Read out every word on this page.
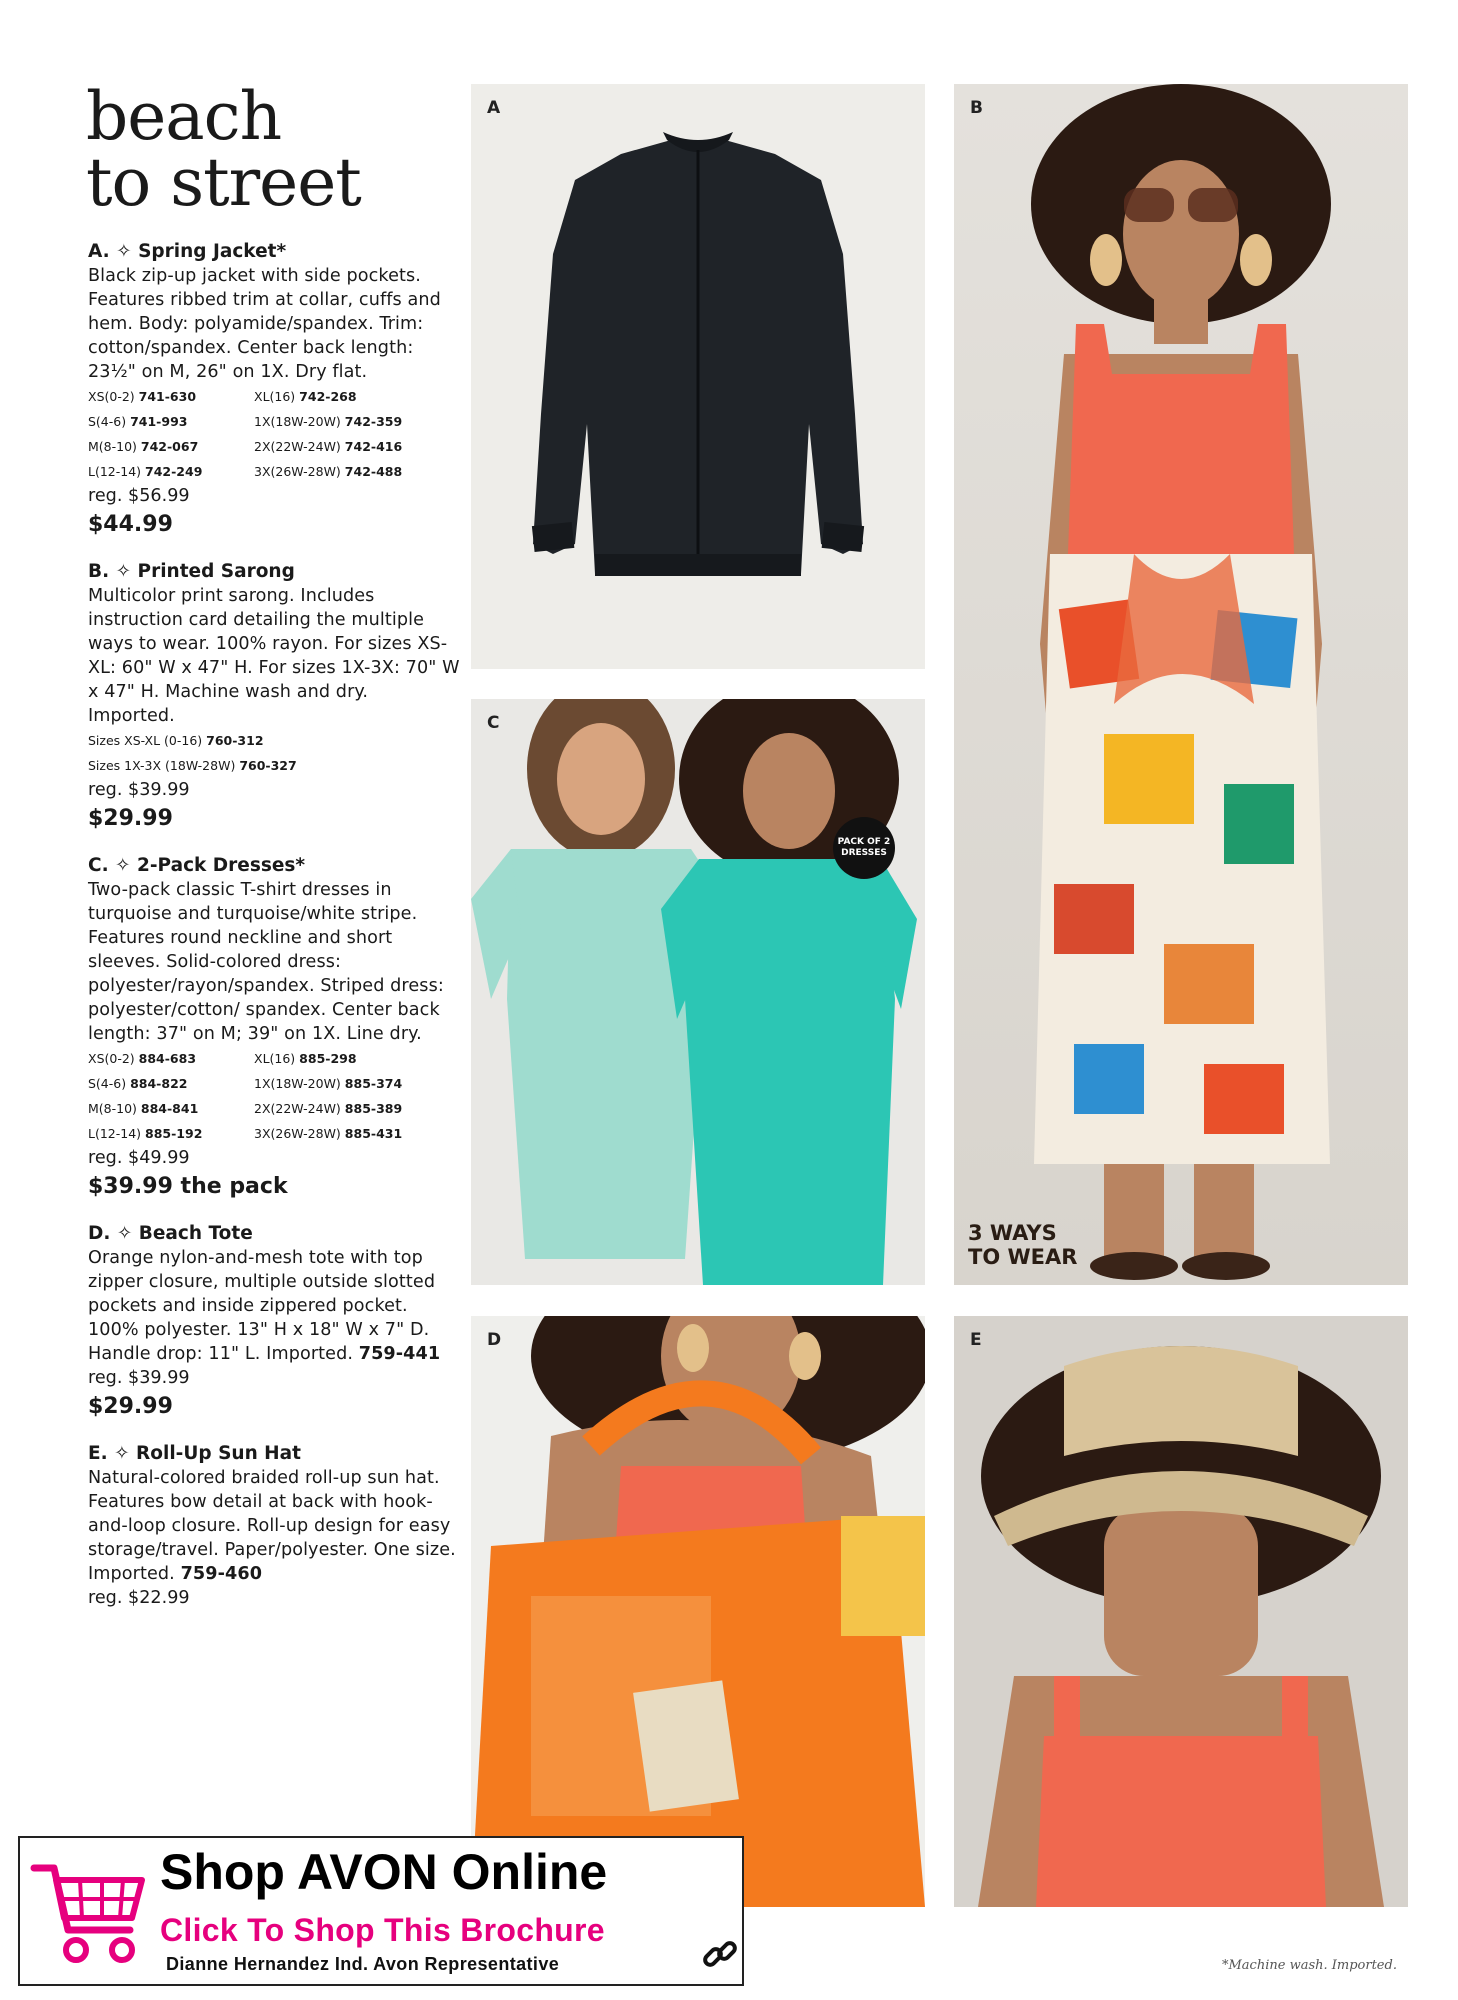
beach
to street
A. ✧ Spring Jacket*
Black zip-up jacket with side pockets. Features ribbed trim at collar, cuffs and hem. Body: polyamide/spandex. Trim: cotton/spandex. Center back length: 23½" on M, 26" on 1X. Dry flat.
XS(0-2) 741-630	XL(16) 742-268
S(4-6) 741-993	1X(18W-20W) 742-359
M(8-10) 742-067	2X(22W-24W) 742-416
L(12-14) 742-249	3X(26W-28W) 742-488
reg. $56.99
$44.99
B. ✧ Printed Sarong
Multicolor print sarong. Includes instruction card detailing the multiple ways to wear. 100% rayon. For sizes XS-XL: 60" W x 47" H. For sizes 1X-3X: 70" W x 47" H. Machine wash and dry. Imported.
Sizes XS-XL (0-16) 760-312
Sizes 1X-3X (18W-28W) 760-327
reg. $39.99
$29.99
C. ✧ 2-Pack Dresses*
Two-pack classic T-shirt dresses in turquoise and turquoise/white stripe. Features round neckline and short sleeves. Solid-colored dress: polyester/rayon/spandex. Striped dress: polyester/cotton/ spandex. Center back length: 37" on M; 39" on 1X. Line dry.
XS(0-2) 884-683	XL(16) 885-298
S(4-6) 884-822	1X(18W-20W) 885-374
M(8-10) 884-841	2X(22W-24W) 885-389
L(12-14) 885-192	3X(26W-28W) 885-431
reg. $49.99
$39.99 the pack
D. ✧ Beach Tote
Orange nylon-and-mesh tote with top zipper closure, multiple outside slotted pockets and inside zippered pocket. 100% polyester. 13" H x 18" W x 7" D. Handle drop: 11" L. Imported. 759-441
reg. $39.99
$29.99
E. ✧ Roll-Up Sun Hat
Natural-colored braided roll-up sun hat. Features bow detail at back with hook-and-loop closure. Roll-up design for easy storage/travel. Paper/polyester. One size. Imported. 759-460
reg. $22.99
A	B
3 WAYS
TO WEAR
C
PACK OF 2
DRESSES
D	E
*Machine wash. Imported.
Shop AVON Online
Click To Shop This Brochure
Dianne Hernandez Ind. Avon Representative
